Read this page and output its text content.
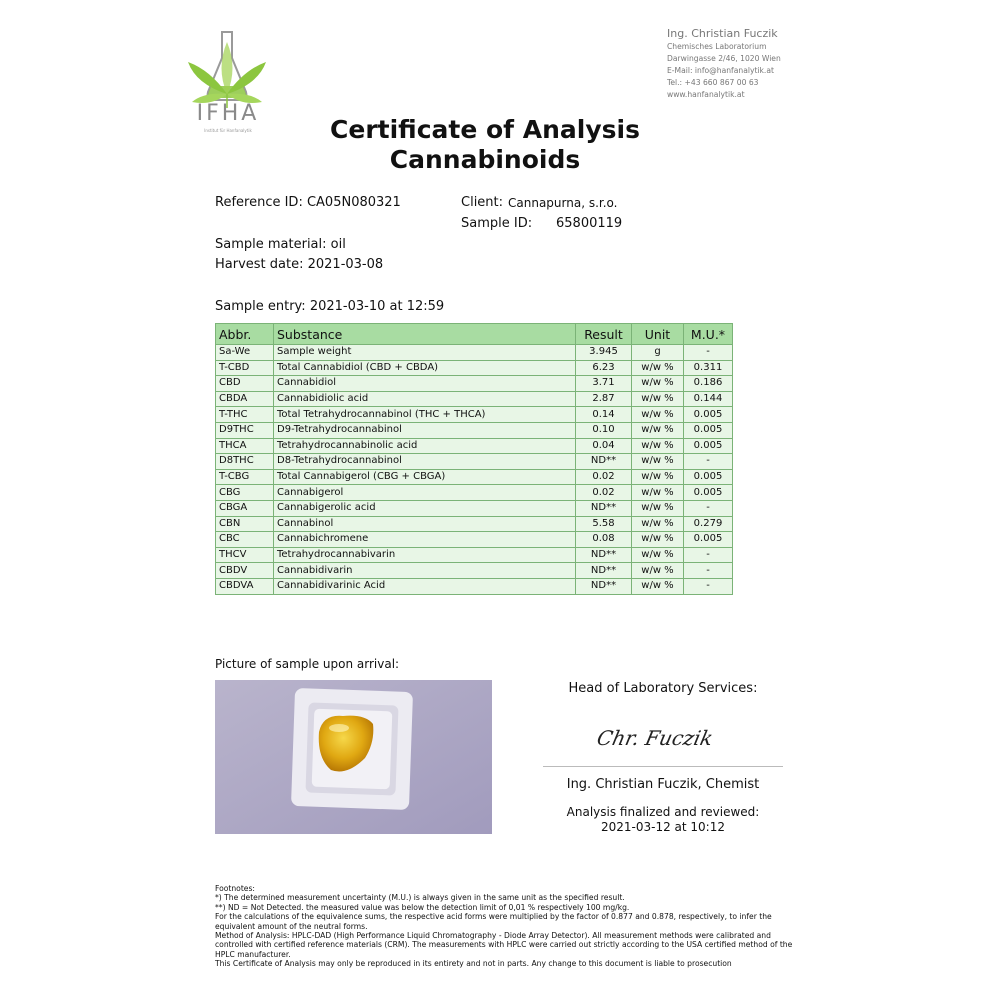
IFHA
Institut für Hanfanalytik
Ing. Christian Fuczik
Chemisches Laboratorium
Darwingasse 2/46, 1020 Wien
E-Mail: info@hanfanalytik.at
Tel.: +43 660 867 00 63
www.hanfanalytik.at
Certificate of Analysis
Cannabinoids
Reference ID: CA05N080321	Client: Cannapurna, s.r.o.
Sample ID: 65800119
Sample material: oil
Harvest date: 2021-03-08
Sample entry: 2021-03-10 at 12:59
Abbr.	Substance	Result	Unit	M.U.*
Sa-We	Sample weight	3.945	g	-
T-CBD	Total Cannabidiol (CBD + CBDA)	6.23	w/w %	0.311
CBD	Cannabidiol	3.71	w/w %	0.186
CBDA	Cannabidiolic acid	2.87	w/w %	0.144
T-THC	Total Tetrahydrocannabinol (THC + THCA)	0.14	w/w %	0.005
D9THC	D9-Tetrahydrocannabinol	0.10	w/w %	0.005
THCA	Tetrahydrocannabinolic acid	0.04	w/w %	0.005
D8THC	D8-Tetrahydrocannabinol	ND**	w/w %	-
T-CBG	Total Cannabigerol (CBG + CBGA)	0.02	w/w %	0.005
CBG	Cannabigerol	0.02	w/w %	0.005
CBGA	Cannabigerolic acid	ND**	w/w %	-
CBN	Cannabinol	5.58	w/w %	0.279
CBC	Cannabichromene	0.08	w/w %	0.005
THCV	Tetrahydrocannabivarin	ND**	w/w %	-
CBDV	Cannabidivarin	ND**	w/w %	-
CBDVA	Cannabidivarinic Acid	ND**	w/w %	-
Picture of sample upon arrival:
Head of Laboratory Services:
Chr. Fuczik
Ing. Christian Fuczik, Chemist
Analysis finalized and reviewed:
2021-03-12 at 10:12

Footnotes:

*) The determined measurement uncertainty (M.U.) is always given in the same unit as the specified result.

**) ND = Not Detected. the measured value was below the detection limit of 0,01 % respectively 100 mg/kg.

For the calculations of the equivalence sums, the respective acid forms were multiplied by the factor of 0.877 and 0.878, respectively, to infer the equivalent amount of the neutral forms.

Method of Analysis: HPLC-DAD (High Performance Liquid Chromatography - Diode Array Detector). All measurement methods were calibrated and controlled with certified reference materials (CRM). The measurements with HPLC were carried out strictly according to the USA certified method of the HPLC manufacturer.

This Certificate of Analysis may only be reproduced in its entirety and not in parts. Any change to this document is liable to prosecution
